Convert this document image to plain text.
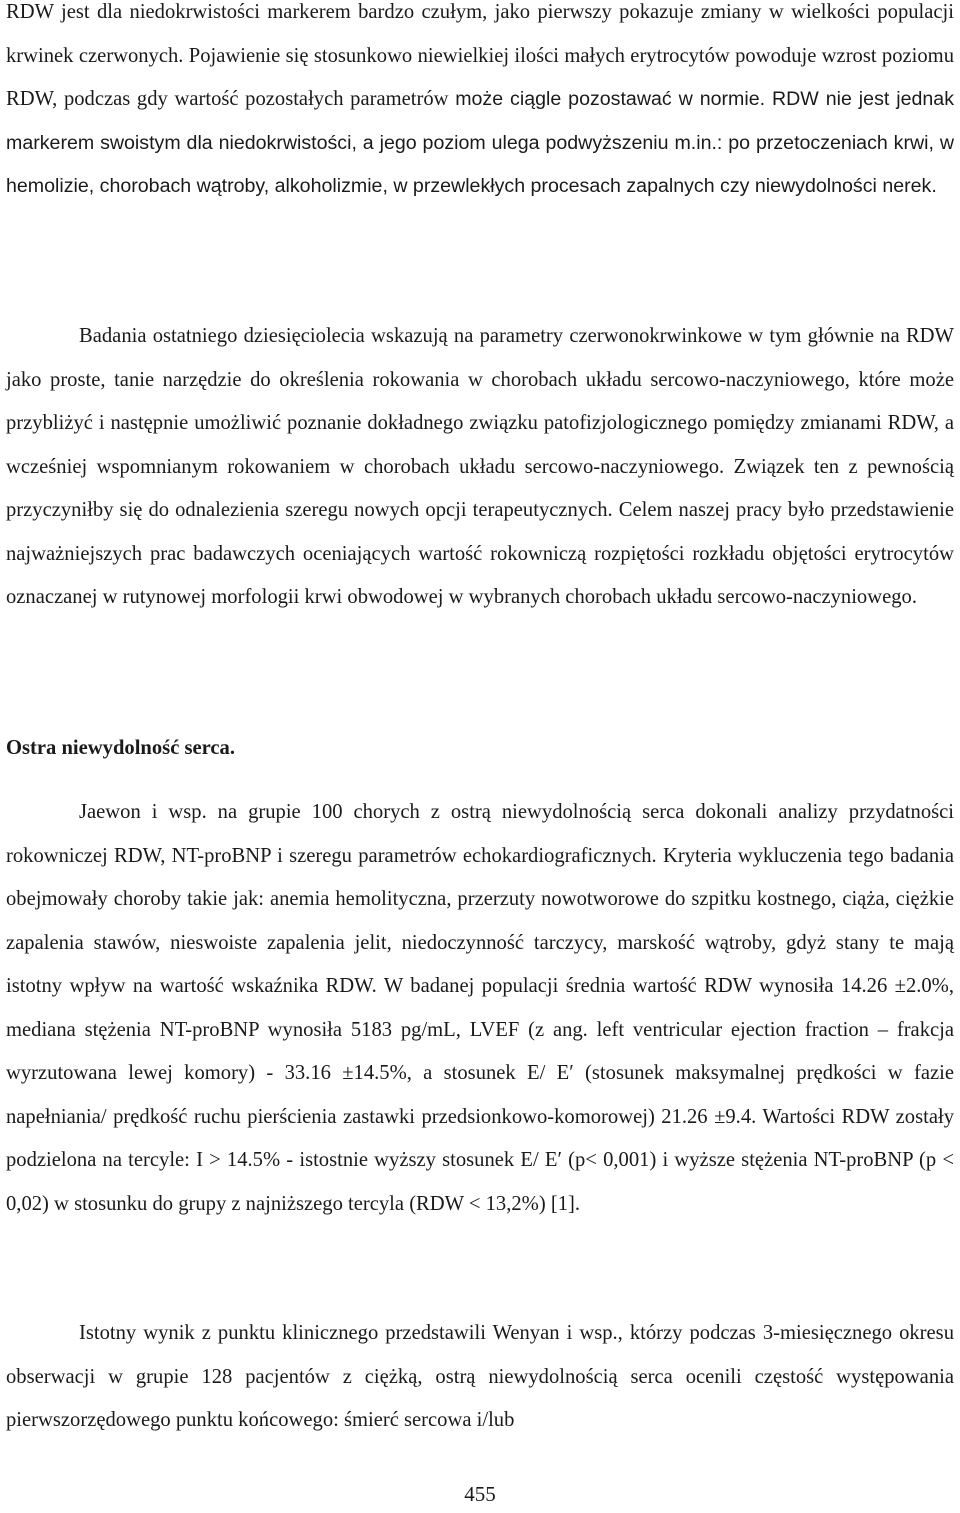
RDW jest dla niedokrwistości markerem bardzo czułym, jako pierwszy pokazuje zmiany w wielkości populacji krwinek czerwonych. Pojawienie się stosunkowo niewielkiej ilości małych erytrocytów powoduje wzrost poziomu RDW, podczas gdy wartość pozostałych parametrów może ciągle pozostawać w normie. RDW nie jest jednak markerem swoistym dla niedokrwistości, a jego poziom ulega podwyższeniu m.in.: po przetoczeniach krwi, w hemolizie, chorobach wątroby, alkoholizmie, w przewlekłych procesach zapalnych czy niewydolności nerek.

Badania ostatniego dziesięciolecia wskazują na parametry czerwonokrwinkowe w tym głównie na RDW jako proste, tanie narzędzie do określenia rokowania w chorobach układu sercowo-naczyniowego, które może przybliżyć i następnie umożliwić poznanie dokładnego związku patofizjologicznego pomiędzy zmianami RDW, a wcześniej wspomnianym rokowaniem w chorobach układu sercowo-naczyniowego. Związek ten z pewnością przyczyniłby się do odnalezienia szeregu nowych opcji terapeutycznych. Celem naszej pracy było przedstawienie najważniejszych prac badawczych oceniających wartość rokowniczą rozpiętości rozkładu objętości erytrocytów oznaczanej w rutynowej morfologii krwi obwodowej w wybranych chorobach układu sercowo-naczyniowego.

Ostra niewydolność serca.

Jaewon i wsp. na grupie 100 chorych z ostrą niewydolnością serca dokonali analizy przydatności rokowniczej RDW, NT-proBNP i szeregu parametrów echokardiograficznych. Kryteria wykluczenia tego badania obejmowały choroby takie jak: anemia hemolityczna, przerzuty nowotworowe do szpitku kostnego, ciąża, ciężkie zapalenia stawów, nieswoiste zapalenia jelit, niedoczynność tarczycy, marskość wątroby, gdyż stany te mają istotny wpływ na wartość wskaźnika RDW. W badanej populacji średnia wartość RDW wynosiła 14.26 ±2.0%, mediana stężenia NT-proBNP wynosiła 5183 pg/mL, LVEF (z ang. left ventricular ejection fraction – frakcja wyrzutowana lewej komory) - 33.16 ±14.5%, a stosunek E/ E′ (stosunek maksymalnej prędkości w fazie napełniania/ prędkość ruchu pierścienia zastawki przedsionkowo-komorowej) 21.26 ±9.4. Wartości RDW zostały podzielona na tercyle: I > 14.5% - istostnie wyższy stosunek E/ E′ (p< 0,001) i wyższe stężenia NT-proBNP (p < 0,02) w stosunku do grupy z najniższego tercyla (RDW < 13,2%) [1].

Istotny wynik z punktu klinicznego przedstawili Wenyan i wsp., którzy podczas 3-miesięcznego okresu obserwacji w grupie 128 pacjentów z ciężką, ostrą niewydolnością serca ocenili częstość występowania pierwszorzędowego punktu końcowego: śmierć sercowa i/lub

455
